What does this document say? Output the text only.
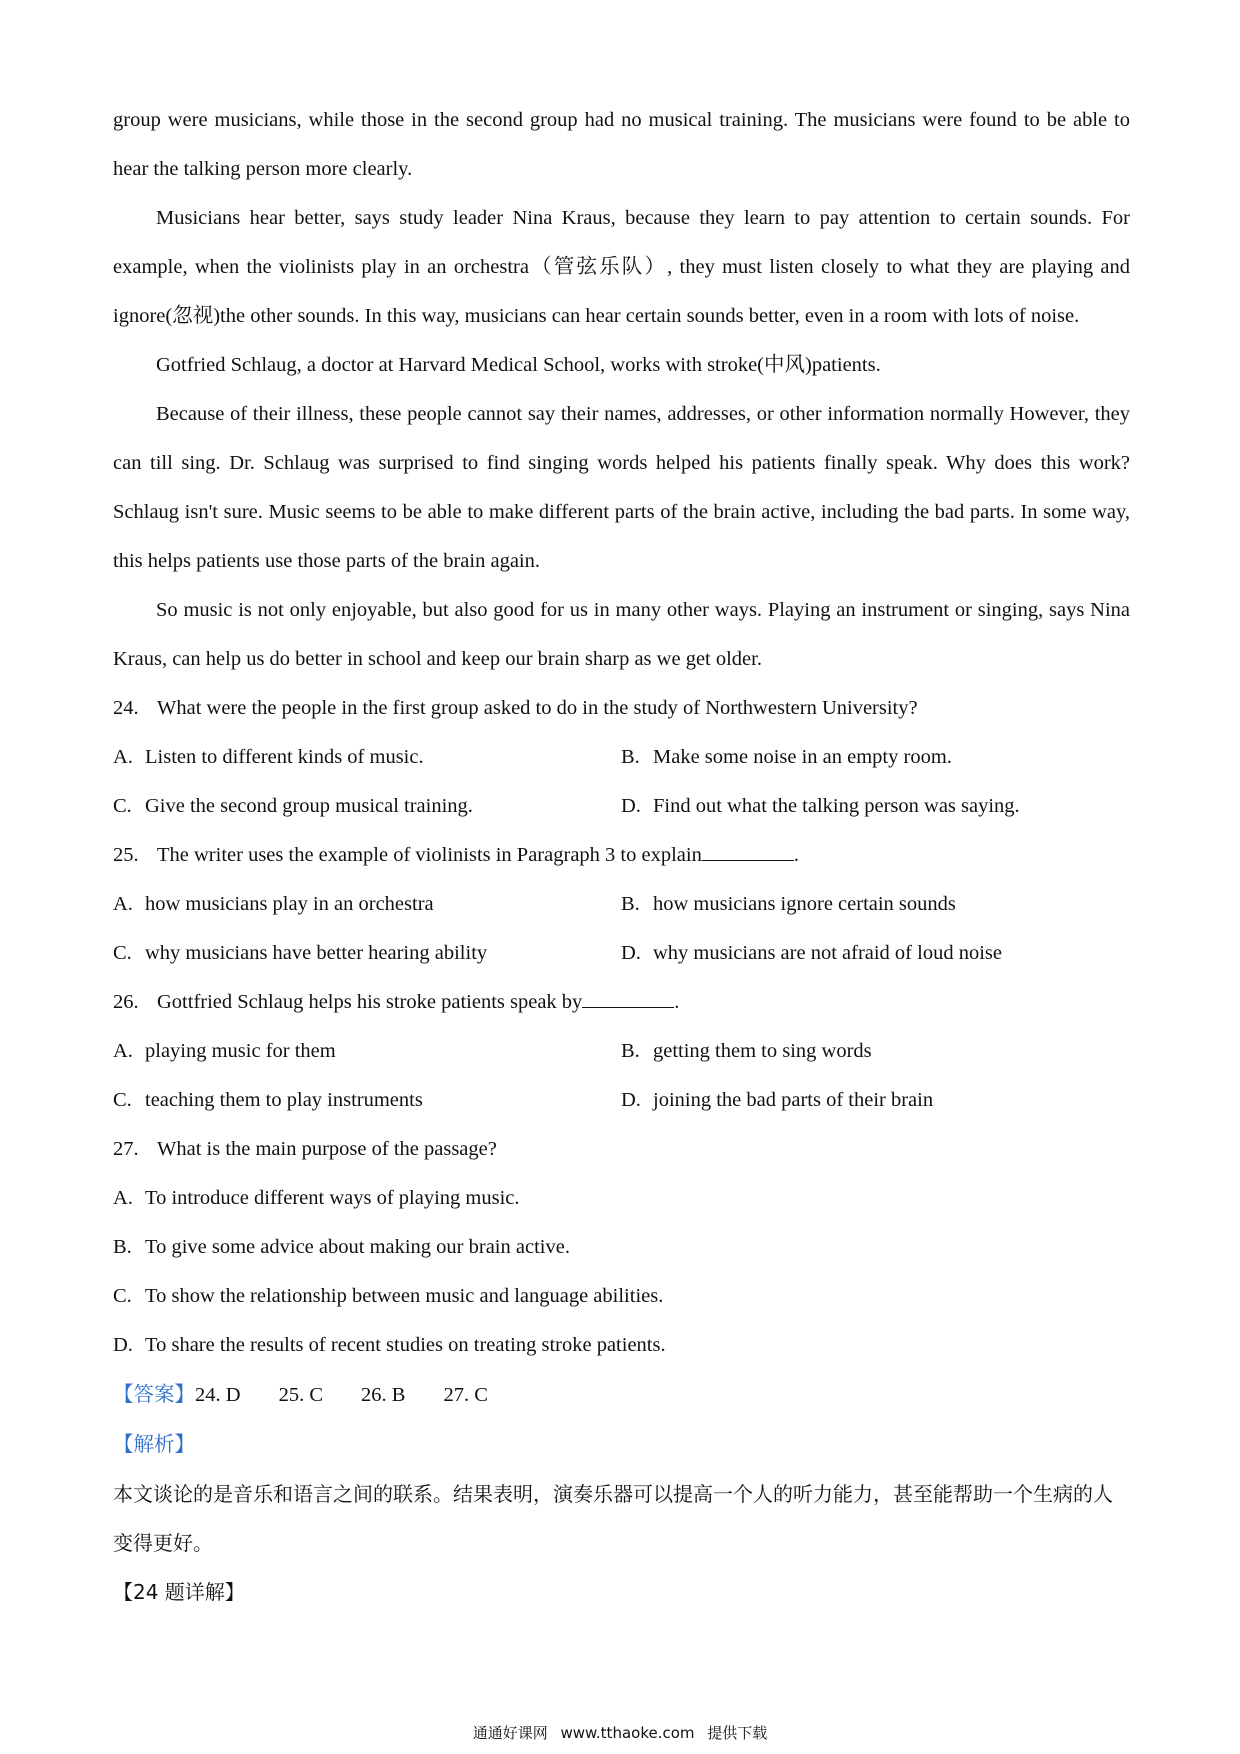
group were musicians, while those in the second group had no musical training. The musicians were found to be able to hear the talking person more clearly.

Musicians hear better, says study leader Nina Kraus, because they learn to pay attention to certain sounds. For example, when the violinists play in an orchestra（管弦乐队）, they must listen closely to what they are playing and ignore(忽视)the other sounds. In this way, musicians can hear certain sounds better, even in a room with lots of noise.

Gotfried Schlaug, a doctor at Harvard Medical School, works with stroke(中风)patients.

Because of their illness, these people cannot say their names, addresses, or other information normally However, they can till sing. Dr. Schlaug was surprised to find singing words helped his patients finally speak. Why does this work? Schlaug isn't sure. Music seems to be able to make different parts of the brain active, including the bad parts. In some way, this helps patients use those parts of the brain again.

So music is not only enjoyable, but also good for us in many other ways. Playing an instrument or singing, says Nina Kraus, can help us do better in school and keep our brain sharp as we get older.

24. What were the people in the first group asked to do in the study of Northwestern University?

A. Listen to different kinds of music.	B. Make some noise in an empty room.
C. Give the second group musical training.	D. Find out what the talking person was saying.

25. The writer uses the example of violinists in Paragraph 3 to explain	.

A. how musicians play in an orchestra	B. how musicians ignore certain sounds
C. why musicians have better hearing ability	D. why musicians are not afraid of loud noise

26. Gottfried Schlaug helps his stroke patients speak by	.

A. playing music for them	B. getting them to sing words
C. teaching them to play instruments	D. joining the bad parts of their brain

27. What is the main purpose of the passage?

A. To introduce different ways of playing music.
B. To give some advice about making our brain active.
C. To show the relationship between music and language abilities.
D. To share the results of recent studies on treating stroke patients.
【答案】24. D 25. C 26. B 27. C
【解析】

本文谈论的是音乐和语言之间的联系。结果表明，演奏乐器可以提高一个人的听力能力，甚至能帮助一个生病的人变得更好。

【24 题详解】
通通好课网 www.tthaoke.com 提供下载
